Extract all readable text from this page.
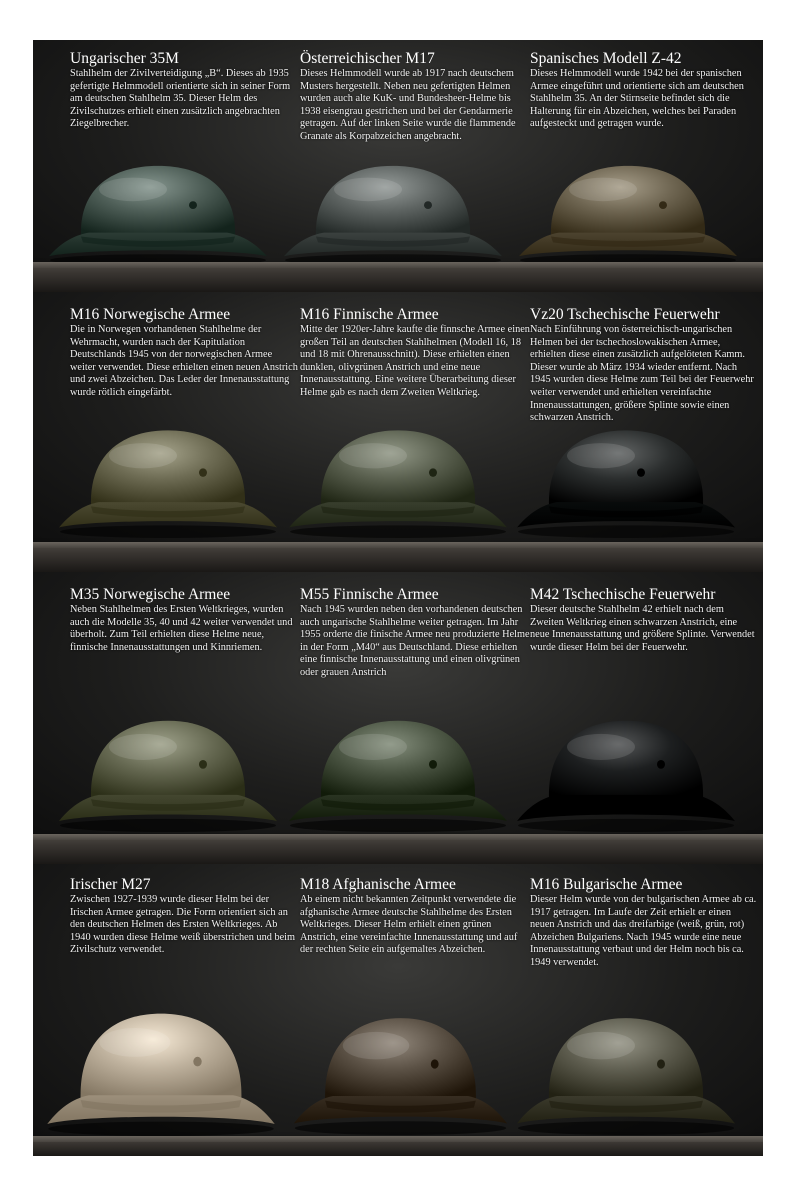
Ungarischer 35M

Stahlhelm der Zivilverteidigung „B“. Dieses ab 1935 gefertigte Helmmodell orientierte sich in seiner Form am deutschen Stahlhelm 35. Dieser Helm des Zivilschutzes erhielt einen zusätzlich angebrachten Ziegelbrecher.

Österreichischer M17

Dieses Helmmodell wurde ab 1917 nach deutschem Musters hergestellt. Neben neu gefertigten Helmen wurden auch alte KuK- und Bundesheer-Helme bis 1938 eisengrau gestrichen und bei der Gendarmerie getragen. Auf der linken Seite wurde die flammende Granate als Korpabzeichen angebracht.

Spanisches Modell Z-42

Dieses Helmmodell wurde 1942 bei der spanischen Armee eingeführt und orientierte sich am deutschen Stahlhelm 35. An der Stirnseite befindet sich die Halterung für ein Abzeichen, welches bei Paraden aufgesteckt und getragen wurde.

M16 Norwegische Armee

Die in Norwegen vorhandenen Stahlhelme der Wehrmacht, wurden nach der Kapitulation Deutschlands 1945 von der norwegischen Armee weiter verwendet. Diese erhielten einen neuen Anstrich und zwei Abzeichen. Das Leder der Innenausstattung wurde rötlich eingefärbt.

M16 Finnische Armee

Mitte der 1920er-Jahre kaufte die finnsche Armee einen großen Teil an deutschen Stahlhelmen (Modell 16, 18 und 18 mit Ohrenausschnitt). Diese erhielten einen dunklen, olivgrünen Anstrich und eine neue Innenausstattung. Eine weitere Überarbeitung dieser Helme gab es nach dem Zweiten Weltkrieg.

Vz20 Tschechische Feuerwehr

Nach Einführung von österreichisch-ungarischen Helmen bei der tschechoslowakischen Armee, erhielten diese einen zusätzlich aufgelöteten Kamm. Dieser wurde ab März 1934 wieder entfernt. Nach 1945 wurden diese Helme zum Teil bei der Feuerwehr weiter verwendet und erhielten vereinfachte Innenausstattungen, größere Splinte sowie einen schwarzen Anstrich.

M35 Norwegische Armee

Neben Stahlhelmen des Ersten Weltkrieges, wurden auch die Modelle 35, 40 und 42 weiter verwendet und überholt. Zum Teil erhielten diese Helme neue, finnische Innenausstattungen und Kinnriemen.

M55 Finnische Armee

Nach 1945 wurden neben den vorhandenen deutschen auch ungarische Stahlhelme weiter getragen. Im Jahr 1955 orderte die finische Armee neu produzierte Helme in der Form „M40“ aus Deutschland. Diese erhielten eine finnische Innenausstattung und einen olivgrünen oder grauen Anstrich

M42 Tschechische Feuerwehr

Dieser deutsche Stahlhelm 42 erhielt nach dem Zweiten Weltkrieg einen schwarzen Anstrich, eine neue Innenausstattung und größere Splinte. Verwendet wurde dieser Helm bei der Feuerwehr.

Irischer M27

Zwischen 1927-1939 wurde dieser Helm bei der Irischen Armee getragen. Die Form orientiert sich an den deutschen Helmen des Ersten Weltkrieges. Ab 1940 wurden diese Helme weiß überstrichen und beim Zivilschutz verwendet.

M18 Afghanische Armee

Ab einem nicht bekannten Zeitpunkt verwendete die afghanische Armee deutsche Stahlhelme des Ersten Weltkrieges. Dieser Helm erhielt einen grünen Anstrich, eine vereinfachte Innenausstattung und auf der rechten Seite ein aufgemaltes Abzeichen.

M16 Bulgarische Armee

Dieser Helm wurde von der bulgarischen Armee ab ca. 1917 getragen. Im Laufe der Zeit erhielt er einen neuen Anstrich und das dreifarbige (weiß, grün, rot) Abzeichen Bulgariens. Nach 1945 wurde eine neue Innenausstattung verbaut und der Helm noch bis ca. 1949 verwendet.
